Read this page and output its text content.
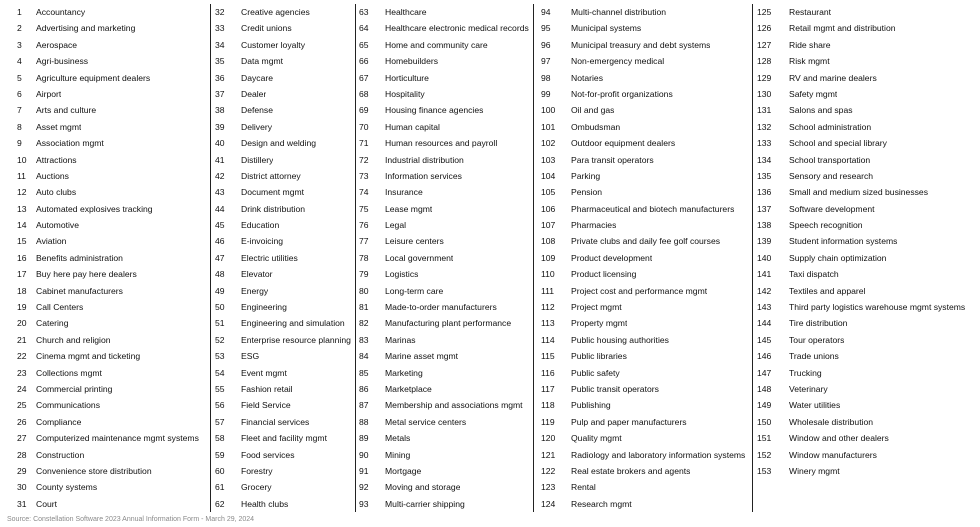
1	Accountancy
2	Advertising and marketing
3	Aerospace
4	Agri-business
5	Agriculture equipment dealers
6	Airport
7	Arts and culture
8	Asset mgmt
9	Association mgmt
10	Attractions
11	Auctions
12	Auto clubs
13	Automated explosives tracking
14	Automotive
15	Aviation
16	Benefits administration
17	Buy here pay here dealers
18	Cabinet manufacturers
19	Call Centers
20	Catering
21	Church and religion
22	Cinema mgmt and ticketing
23	Collections mgmt
24	Commercial printing
25	Communications
26	Compliance
27	Computerized maintenance mgmt systems
28	Construction
29	Convenience store distribution
30	County systems
31	Court
32	Creative agencies
33	Credit unions
34	Customer loyalty
35	Data mgmt
36	Daycare
37	Dealer
38	Defense
39	Delivery
40	Design and welding
41	Distillery
42	District attorney
43	Document mgmt
44	Drink distribution
45	Education
46	E-invoicing
47	Electric utilities
48	Elevator
49	Energy
50	Engineering
51	Engineering and simulation
52	Enterprise resource planning
53	ESG
54	Event mgmt
55	Fashion retail
56	Field Service
57	Financial services
58	Fleet and facility mgmt
59	Food services
60	Forestry
61	Grocery
62	Health clubs
63	Healthcare
64	Healthcare electronic medical records
65	Home and community care
66	Homebuilders
67	Horticulture
68	Hospitality
69	Housing finance agencies
70	Human capital
71	Human resources and payroll
72	Industrial distribution
73	Information services
74	Insurance
75	Lease mgmt
76	Legal
77	Leisure centers
78	Local government
79	Logistics
80	Long-term care
81	Made-to-order manufacturers
82	Manufacturing plant performance
83	Marinas
84	Marine asset mgmt
85	Marketing
86	Marketplace
87	Membership and associations mgmt
88	Metal service centers
89	Metals
90	Mining
91	Mortgage
92	Moving and storage
93	Multi-carrier shipping
94	Multi-channel distribution
95	Municipal systems
96	Municipal treasury and debt systems
97	Non-emergency medical
98	Notaries
99	Not-for-profit organizations
100	Oil and gas
101	Ombudsman
102	Outdoor equipment dealers
103	Para transit operators
104	Parking
105	Pension
106	Pharmaceutical and biotech manufacturers
107	Pharmacies
108	Private clubs and daily fee golf courses
109	Product development
110	Product licensing
111	Project cost and performance mgmt
112	Project mgmt
113	Property mgmt
114	Public housing authorities
115	Public libraries
116	Public safety
117	Public transit operators
118	Publishing
119	Pulp and paper manufacturers
120	Quality mgmt
121	Radiology and laboratory information systems
122	Real estate brokers and agents
123	Rental
124	Research mgmt
125	Restaurant
126	Retail mgmt and distribution
127	Ride share
128	Risk mgmt
129	RV and marine dealers
130	Safety mgmt
131	Salons and spas
132	School administration
133	School and special library
134	School transportation
135	Sensory and research
136	Small and medium sized businesses
137	Software development
138	Speech recognition
139	Student information systems
140	Supply chain optimization
141	Taxi dispatch
142	Textiles and apparel
143	Third party logistics warehouse mgmt systems
144	Tire distribution
145	Tour operators
146	Trade unions
147	Trucking
148	Veterinary
149	Water utilities
150	Wholesale distribution
151	Window and other dealers
152	Window manufacturers
153	Winery mgmt
Source: Constellation Software 2023 Annual Information Form - March 29, 2024
